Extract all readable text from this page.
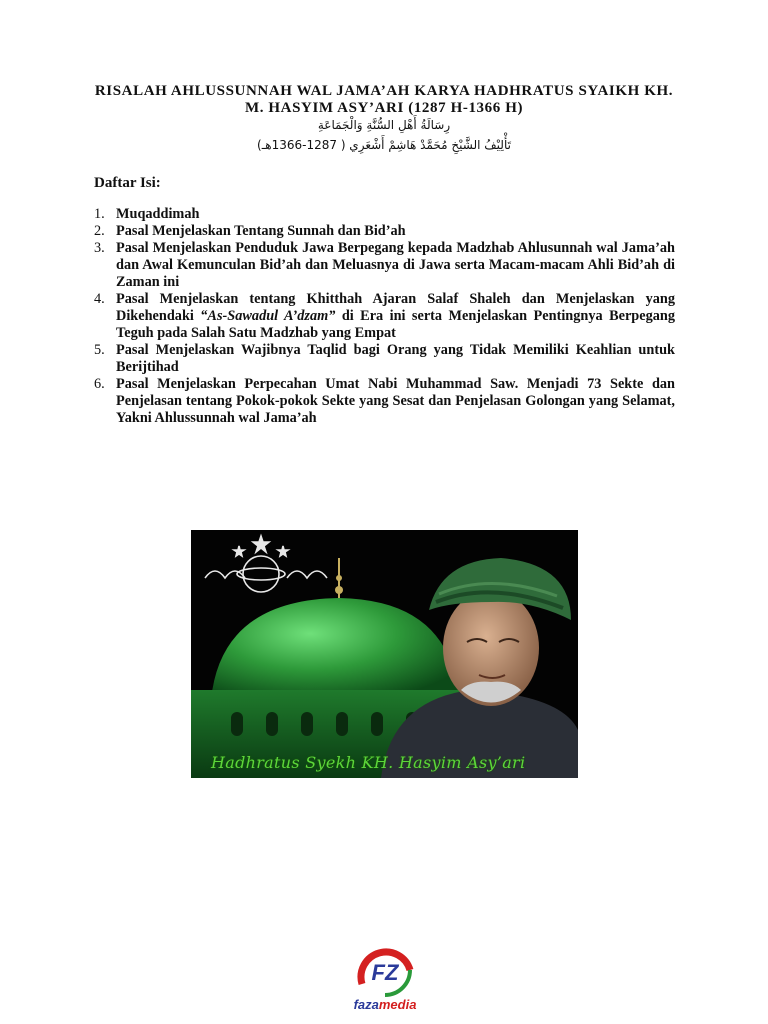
RISALAH AHLUSSUNNAH WAL JAMA’AH KARYA HADHRATUS SYAIKH KH.
M. HASYIM ASY’ARI (1287 H-1366 H)
رِسَالَةُ أَهْلِ السُّنَّةِ وَالْجَمَاعَةِ
تَأْلِيْفُ الشَّيْخِ مُحَمَّدْ هَاشِمْ أَشْعَرِي ( 1287-1366هـ)
Daftar Isi:
1. Muqaddimah
2. Pasal Menjelaskan Tentang Sunnah dan Bid’ah
3. Pasal Menjelaskan Penduduk Jawa Berpegang kepada Madzhab Ahlusunnah wal Jama’ah dan Awal Kemunculan Bid’ah dan Meluasnya di Jawa serta Macam-macam Ahli Bid’ah di Zaman ini
4. Pasal Menjelaskan tentang Khitthah Ajaran Salaf Shaleh dan Menjelaskan yang Dikehendaki “As-Sawadul A’dzam” di Era ini serta Menjelaskan Pentingnya Berpegang Teguh pada Salah Satu Madzhab yang Empat
5. Pasal Menjelaskan Wajibnya Taqlid bagi Orang yang Tidak Memiliki Keahlian untuk Berijtihad
6. Pasal Menjelaskan Perpecahan Umat Nabi Muhammad Saw. Menjadi 73 Sekte dan Penjelasan tentang Pokok-pokok Sekte yang Sesat dan Penjelasan Golongan yang Selamat, Yakni Ahlussunnah wal Jama’ah
Hadhratus Syekh KH. Hasyim Asy’ari
FZ
fazamedia
